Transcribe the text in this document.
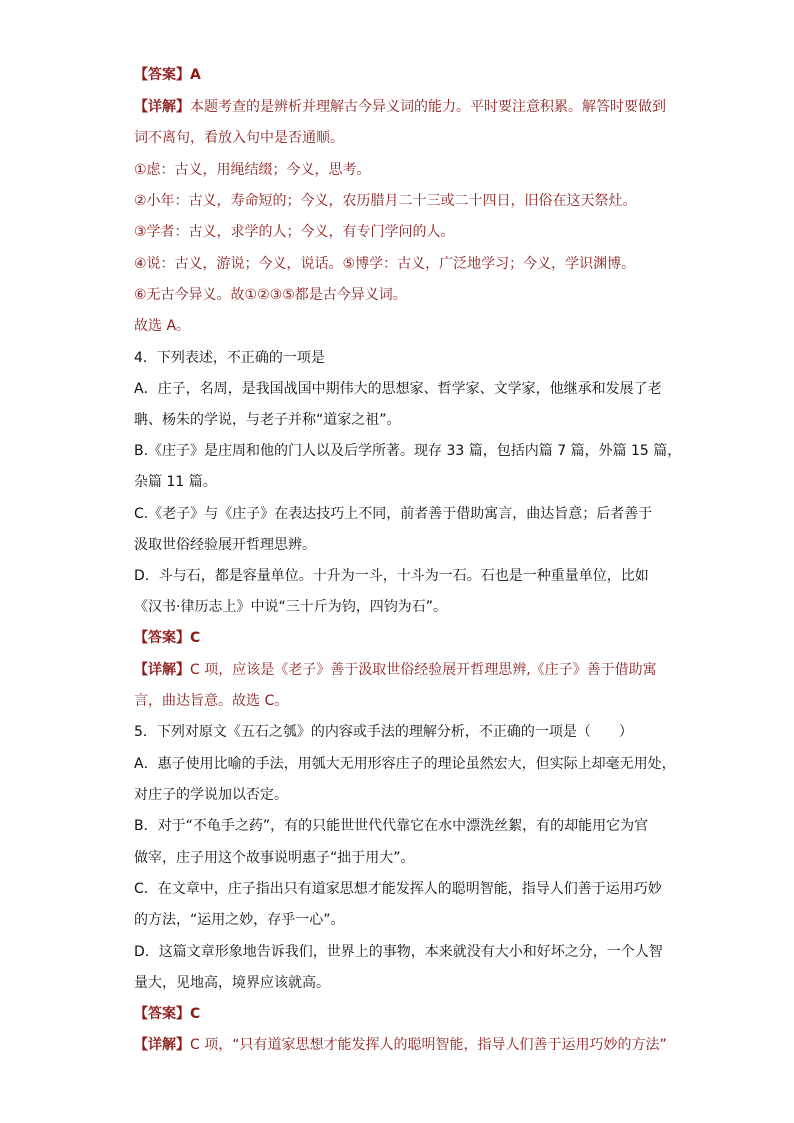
【答案】A
【详解】本题考查的是辨析并理解古今异义词的能力。平时要注意积累。解答时要做到
词不离句，看放入句中是否通顺。
①虑：古义，用绳结缀；今义，思考。
②小年：古义，寿命短的；今义，农历腊月二十三或二十四日，旧俗在这天祭灶。
③学者：古义，求学的人；今义，有专门学问的人。
④说：古义，游说；今义，说话。⑤博学：古义，广泛地学习；今义，学识渊博。
⑥无古今异义。故①②③⑤都是古今异义词。
故选 A。
4．下列表述，不正确的一项是
A．庄子，名周，是我国战国中期伟大的思想家、哲学家、文学家，他继承和发展了老
聃、杨朱的学说，与老子并称“道家之祖”。
B.《庄子》是庄周和他的门人以及后学所著。现存 33 篇，包括内篇 7 篇，外篇 15 篇，
杂篇 11 篇。
C.《老子》与《庄子》在表达技巧上不同，前者善于借助寓言，曲达旨意；后者善于
汲取世俗经验展开哲理思辨。
D．斗与石，都是容量单位。十升为一斗，十斗为一石。石也是一种重量单位，比如
《汉书·律历志上》中说“三十斤为钧，四钧为石”。
【答案】C
【详解】C 项，应该是《老子》善于汲取世俗经验展开哲理思辨,《庄子》善于借助寓
言，曲达旨意。故选 C。
5．下列对原文《五石之瓠》的内容或手法的理解分析，不正确的一项是（　　）
A．惠子使用比喻的手法，用瓠大无用形容庄子的理论虽然宏大，但实际上却毫无用处，
对庄子的学说加以否定。
B．对于“不龟手之药”，有的只能世世代代靠它在水中漂洗丝絮，有的却能用它为官
做宰，庄子用这个故事说明惠子“拙于用大”。
C．在文章中，庄子指出只有道家思想才能发挥人的聪明智能，指导人们善于运用巧妙
的方法，“运用之妙，存乎一心”。
D．这篇文章形象地告诉我们，世界上的事物，本来就没有大小和好坏之分，一个人智
量大，见地高，境界应该就高。
【答案】C
【详解】C 项，“只有道家思想才能发挥人的聪明智能，指导人们善于运用巧妙的方法”
